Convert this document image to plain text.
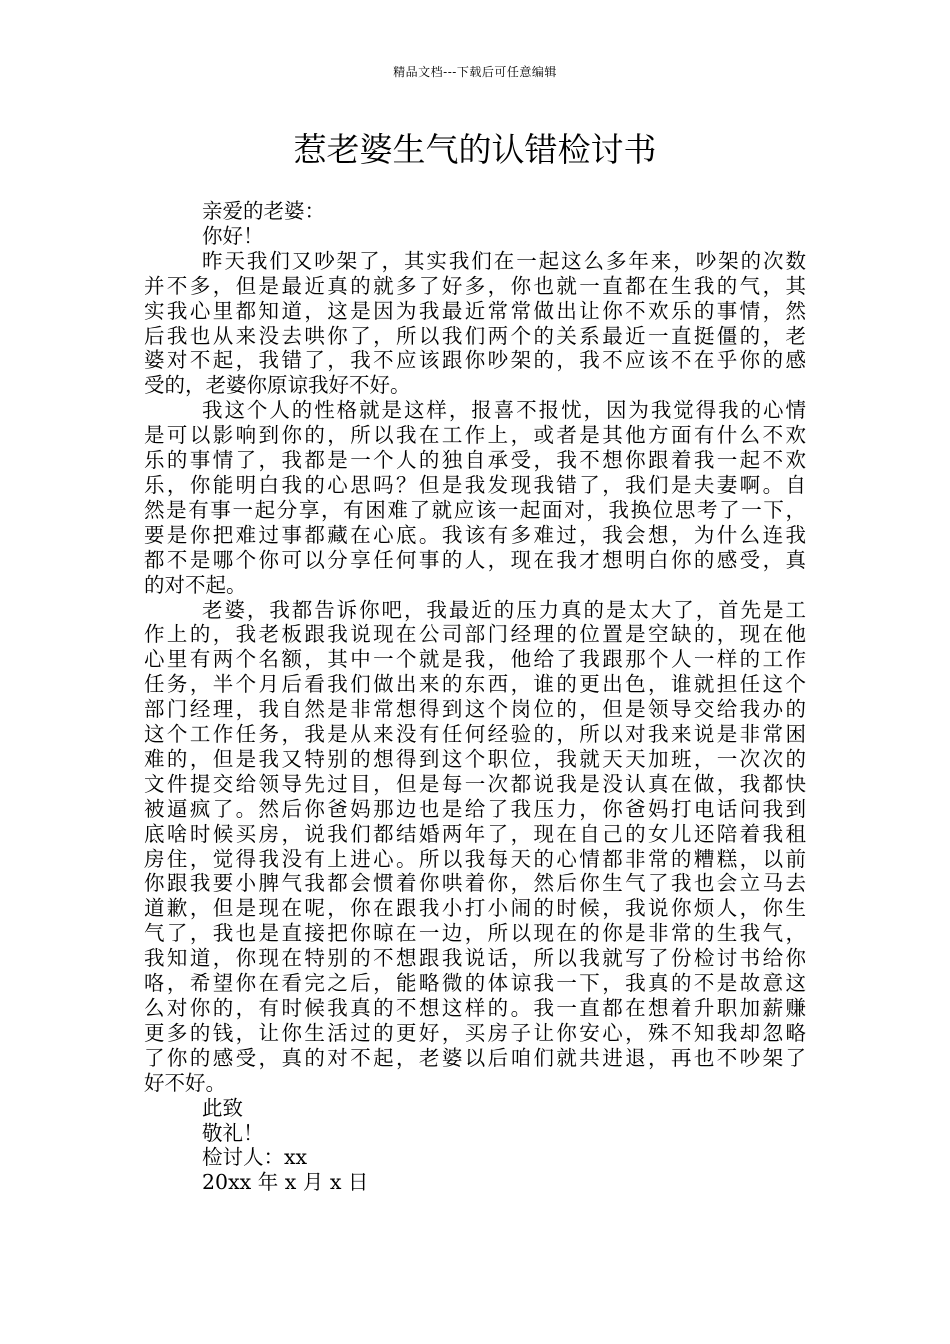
精品文档---下载后可任意编辑
惹老婆生气的认错检讨书
亲爱的老婆：
你好！
昨天我们又吵架了，其实我们在一起这么多年来，吵架的次数
并不多，但是最近真的就多了好多，你也就一直都在生我的气，其
实我心里都知道，这是因为我最近常常做出让你不欢乐的事情，然
后我也从来没去哄你了，所以我们两个的关系最近一直挺僵的，老
婆对不起，我错了，我不应该跟你吵架的，我不应该不在乎你的感
受的，老婆你原谅我好不好。
我这个人的性格就是这样，报喜不报忧，因为我觉得我的心情
是可以影响到你的，所以我在工作上，或者是其他方面有什么不欢
乐的事情了，我都是一个人的独自承受，我不想你跟着我一起不欢
乐，你能明白我的心思吗？但是我发现我错了，我们是夫妻啊。自
然是有事一起分享，有困难了就应该一起面对，我换位思考了一下，
要是你把难过事都藏在心底。我该有多难过，我会想，为什么连我
都不是哪个你可以分享任何事的人，现在我才想明白你的感受，真
的对不起。
老婆，我都告诉你吧，我最近的压力真的是太大了，首先是工
作上的，我老板跟我说现在公司部门经理的位置是空缺的，现在他
心里有两个名额，其中一个就是我，他给了我跟那个人一样的工作
任务，半个月后看我们做出来的东西，谁的更出色，谁就担任这个
部门经理，我自然是非常想得到这个岗位的，但是领导交给我办的
这个工作任务，我是从来没有任何经验的，所以对我来说是非常困
难的，但是我又特别的想得到这个职位，我就天天加班，一次次的
文件提交给领导先过目，但是每一次都说我是没认真在做，我都快
被逼疯了。然后你爸妈那边也是给了我压力，你爸妈打电话问我到
底啥时候买房，说我们都结婚两年了，现在自己的女儿还陪着我租
房住，觉得我没有上进心。所以我每天的心情都非常的糟糕，以前
你跟我要小脾气我都会惯着你哄着你，然后你生气了我也会立马去
道歉，但是现在呢，你在跟我小打小闹的时候，我说你烦人，你生
气了，我也是直接把你晾在一边，所以现在的你是非常的生我气，
我知道，你现在特别的不想跟我说话，所以我就写了份检讨书给你
咯，希望你在看完之后，能略微的体谅我一下，我真的不是故意这
么对你的，有时候我真的不想这样的。我一直都在想着升职加薪赚
更多的钱，让你生活过的更好，买房子让你安心，殊不知我却忽略
了你的感受，真的对不起，老婆以后咱们就共进退，再也不吵架了
好不好。
此致
敬礼！
检讨人：xx
20xx 年 x 月 x 日
